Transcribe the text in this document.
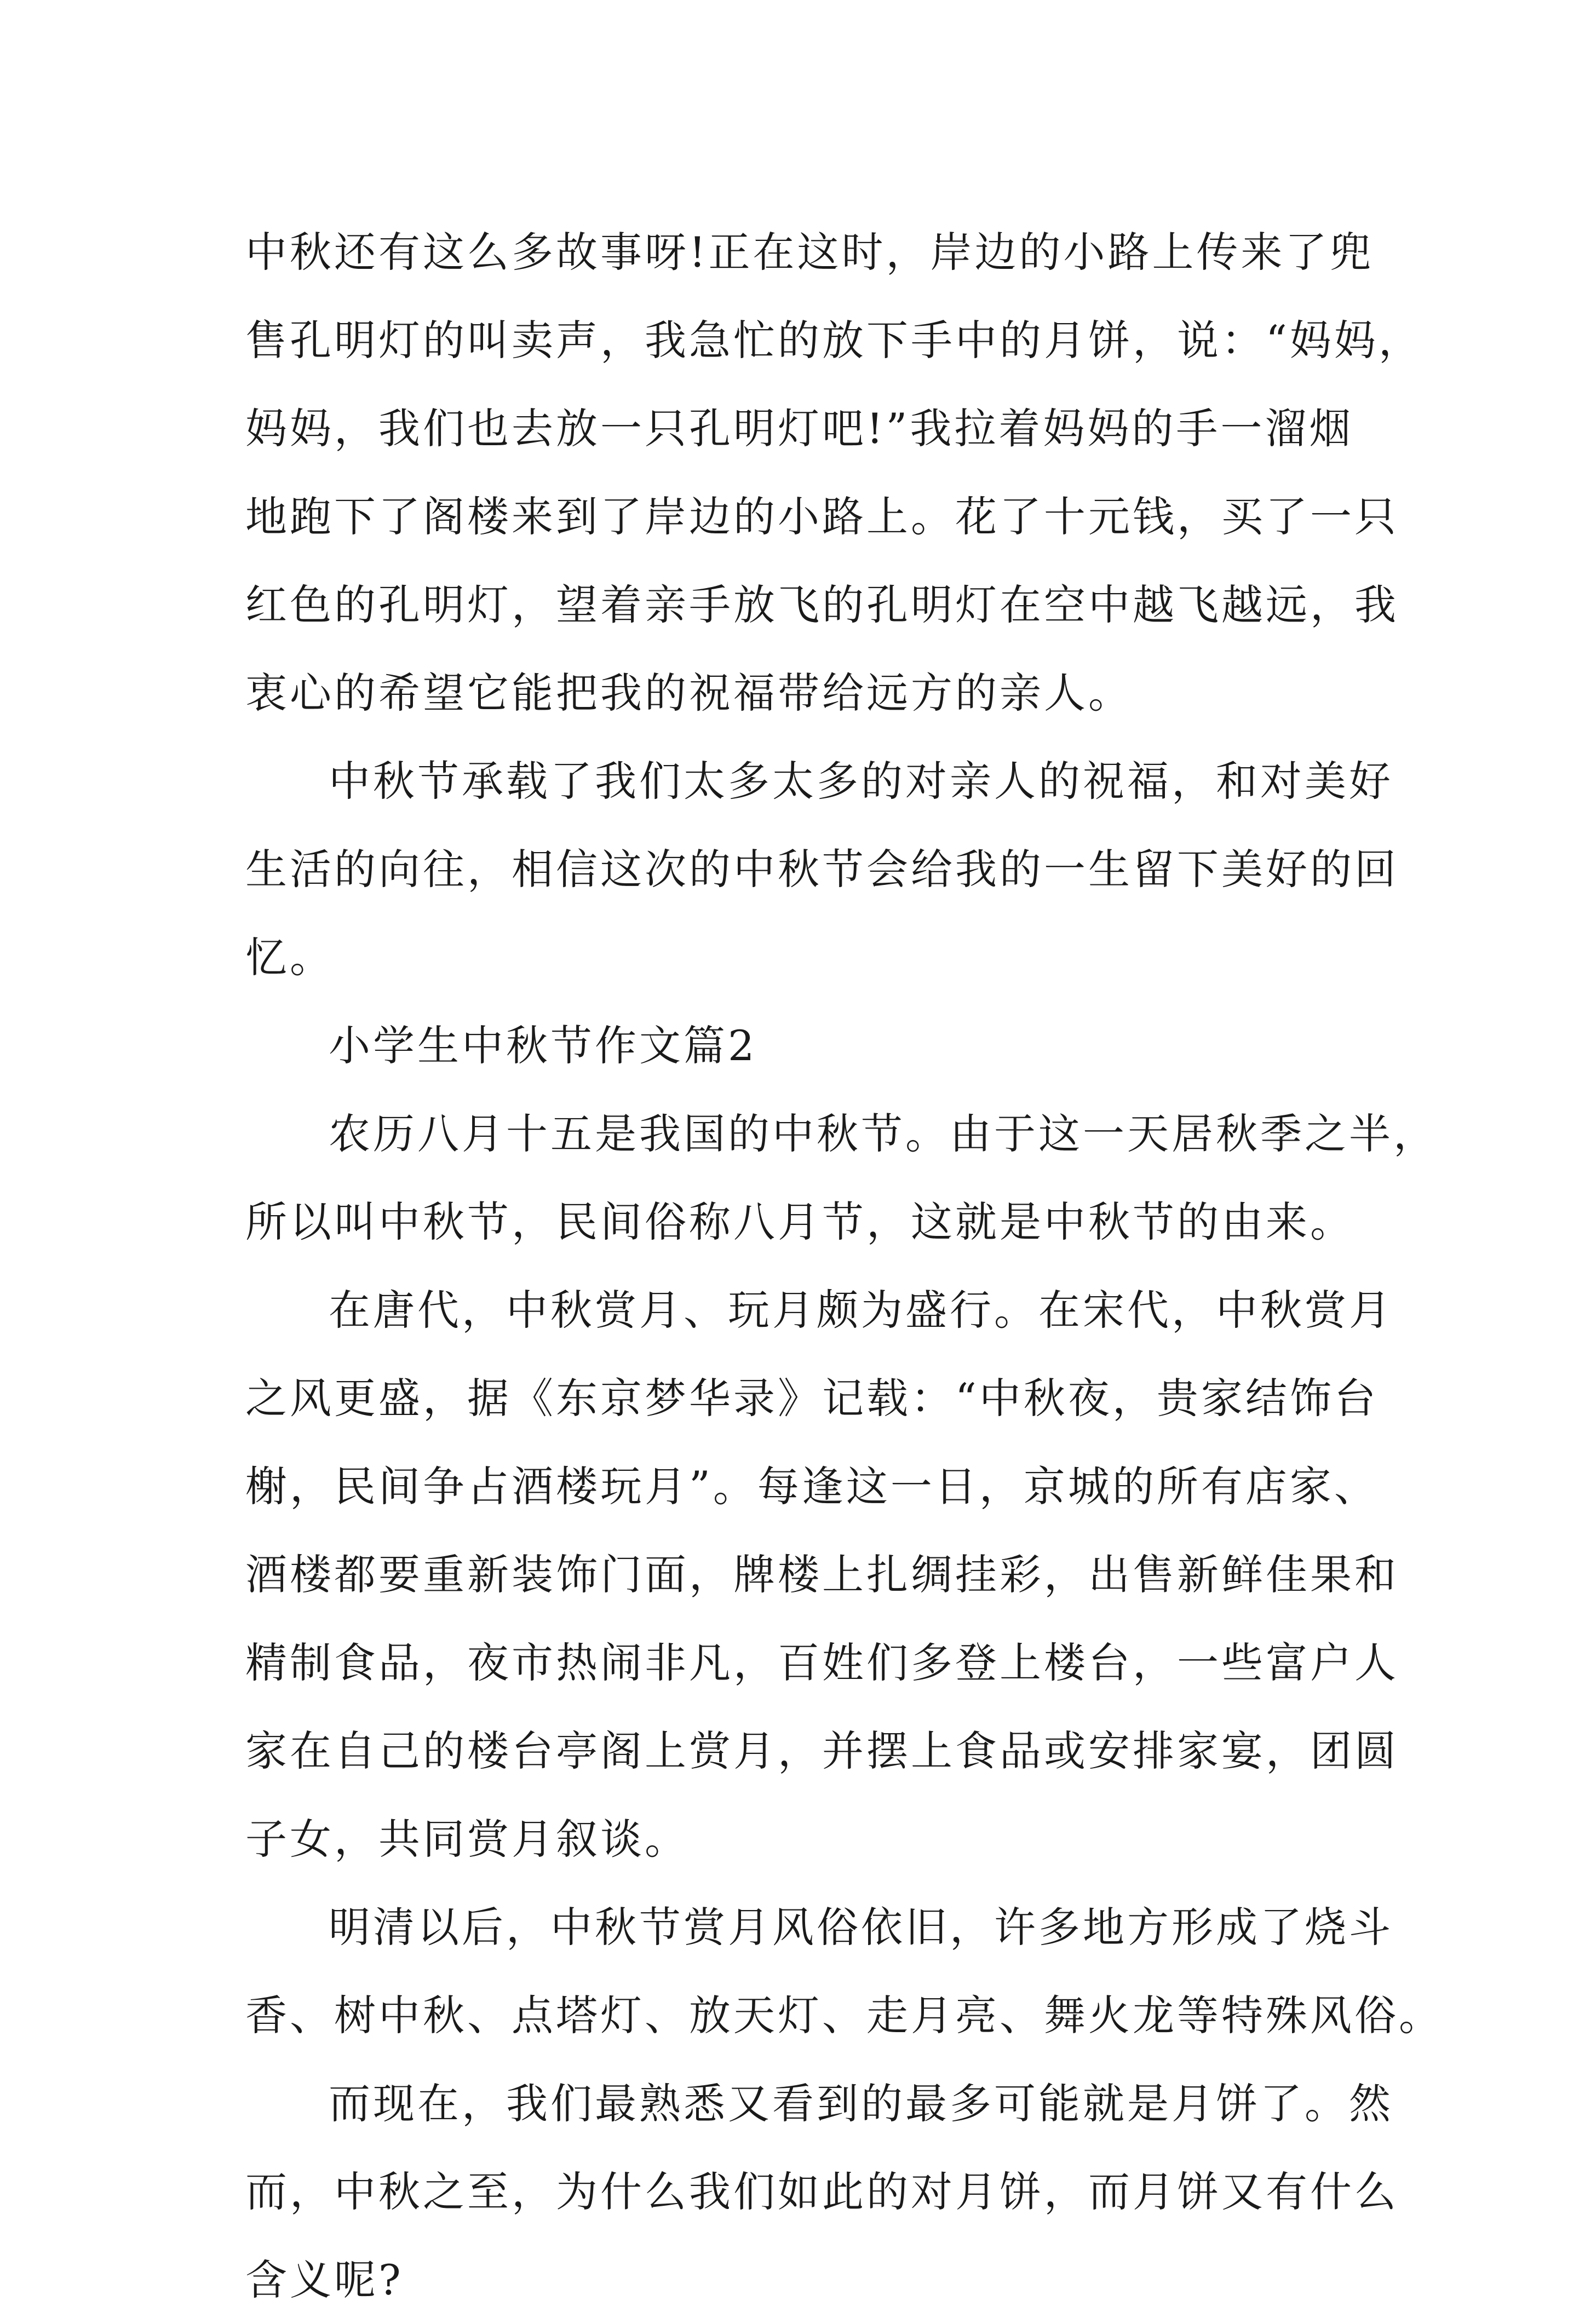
中秋还有这么多故事呀!正在这时，岸边的小路上传来了兜
售孔明灯的叫卖声，我急忙的放下手中的月饼，说：“妈妈，
妈妈，我们也去放一只孔明灯吧!”我拉着妈妈的手一溜烟
地跑下了阁楼来到了岸边的小路上。花了十元钱，买了一只
红色的孔明灯，望着亲手放飞的孔明灯在空中越飞越远，我
衷心的希望它能把我的祝福带给远方的亲人。
中秋节承载了我们太多太多的对亲人的祝福，和对美好
生活的向往，相信这次的中秋节会给我的一生留下美好的回
忆。
小学生中秋节作文篇2
农历八月十五是我国的中秋节。由于这一天居秋季之半，
所以叫中秋节，民间俗称八月节，这就是中秋节的由来。
在唐代，中秋赏月、玩月颇为盛行。在宋代，中秋赏月
之风更盛，据《东京梦华录》记载：“中秋夜，贵家结饰台
榭，民间争占酒楼玩月”。每逢这一日，京城的所有店家、
酒楼都要重新装饰门面，牌楼上扎绸挂彩，出售新鲜佳果和
精制食品，夜市热闹非凡，百姓们多登上楼台，一些富户人
家在自己的楼台亭阁上赏月，并摆上食品或安排家宴，团圆
子女，共同赏月叙谈。
明清以后，中秋节赏月风俗依旧，许多地方形成了烧斗
香、树中秋、点塔灯、放天灯、走月亮、舞火龙等特殊风俗。
而现在，我们最熟悉又看到的最多可能就是月饼了。然
而，中秋之至，为什么我们如此的对月饼，而月饼又有什么
含义呢?
